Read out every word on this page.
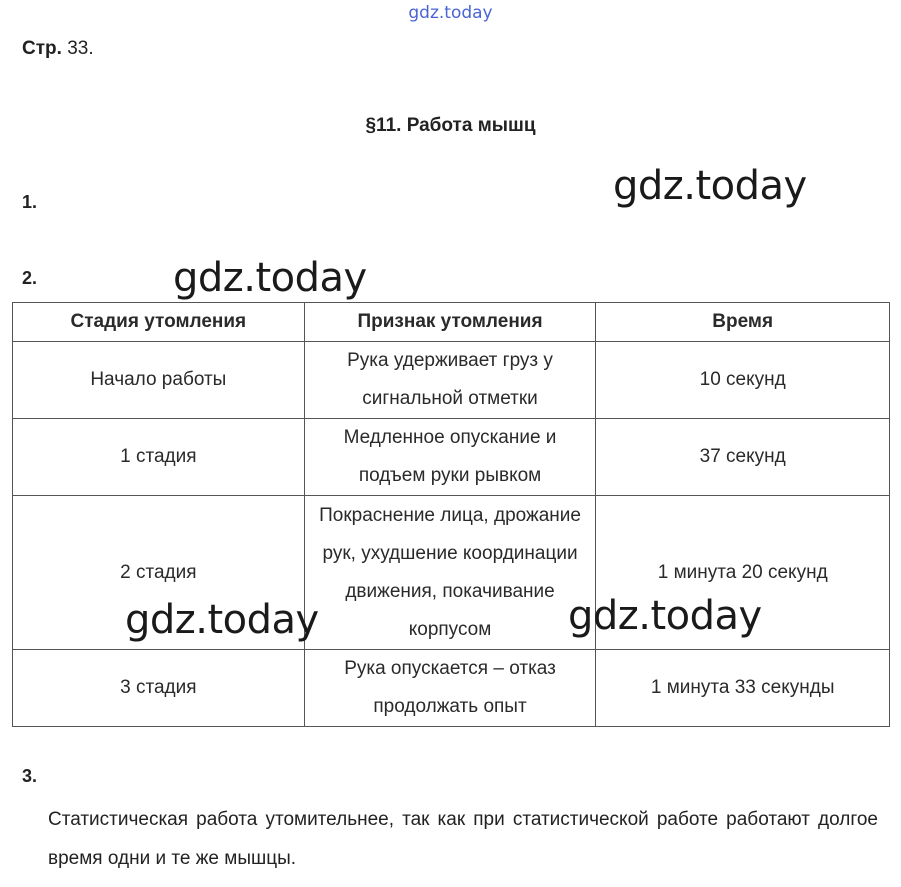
gdz.today
Стр. 33.
§11. Работа мышц
1.	gdz.today
2.	gdz.today
Стадия утомления	Признак утомления	Время
Начало работы	Рука удерживает груз у сигнальной отметки	10 секунд
1 стадия	Медленное опускание и подъем руки рывком	37 секунд
2 стадия	Покраснение лица, дрожание рук, ухудшение координации движения, покачивание корпусом	1 минута 20 секунд
3 стадия	Рука опускается – отказ продолжать опыт	1 минута 33 секунды
gdz.today	gdz.today
3.
Статистическая работа утомительнее, так как при статистической работе работают долгое время одни и те же мышцы.
